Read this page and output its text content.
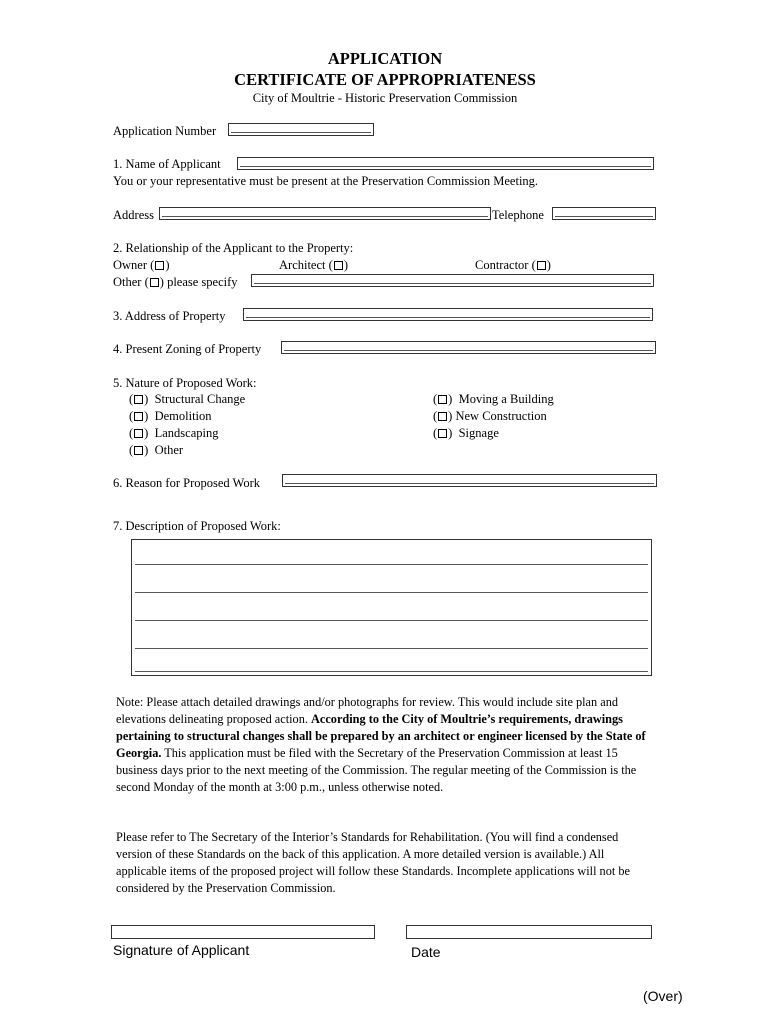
APPLICATION
CERTIFICATE OF APPROPRIATENESS
City of Moultrie - Historic Preservation Commission
Application Number
1. Name of Applicant
You or your representative must be present at the Preservation Commission Meeting.
Address	Telephone
2. Relationship of the Applicant to the Property:
Owner ( )	Architect ( )	Contractor ( )
Other ( ) please specify
3. Address of Property
4. Present Zoning of Property
5. Nature of Proposed Work:
( )  Structural Change
( )  Demolition
( )  Landscaping
( )  Other
( )  Moving a Building
( ) New Construction
( )  Signage
6. Reason for Proposed Work
7. Description of Proposed Work:
Note: Please attach detailed drawings and/or photographs for review. This would include site plan and elevations delineating proposed action. According to the City of Moultrie’s requirements, drawings pertaining to structural changes shall be prepared by an architect or engineer licensed by the State of Georgia. This application must be filed with the Secretary of the Preservation Commission at least 15 business days prior to the next meeting of the Commission. The regular meeting of the Commission is the second Monday of the month at 3:00 p.m., unless otherwise noted.
Please refer to The Secretary of the Interior’s Standards for Rehabilitation. (You will find a condensed version of these Standards on the back of this application. A more detailed version is available.) All applicable items of the proposed project will follow these Standards. Incomplete applications will not be considered by the Preservation Commission.
Signature of Applicant	Date
(Over)
